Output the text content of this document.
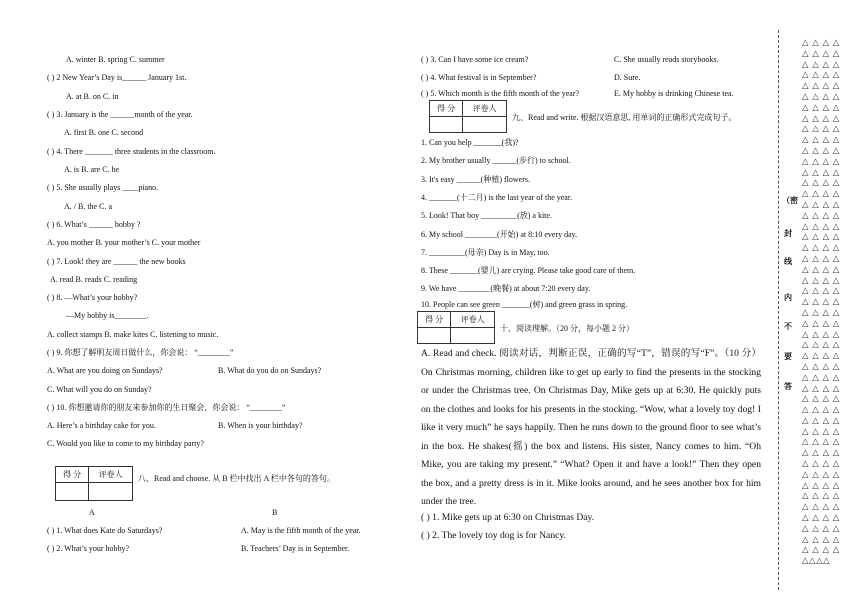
A. winter B. spring C. summer
( ) 2 New Year’s Day is______ January 1st.
A. at B. on C. in
( ) 3. January is the ______month of the year.
A. first B. one C. second
( ) 4. There _______ three students in the classroom.
A. is B. are C. be
( ) 5. She usually plays ____piano.
A. / B. the C. a
( ) 6. What’s ______ hobby ?
A. you mother B. your mother’s C. your mother
( ) 7. Look! they are ______ the new books
A. read B. reads C. reading
( ) 8. —What’s your hobby?
—My hobby is________.
A. collect stamps B. make kites C. listening to music.
( ) 9. 你想了解明友周日做什么，你会说： “________”
A. What are you doing on Sundays?	B. What do you do on Sundays?
C. What will you do on Sunday?
( ) 10. 你想邀请你的朋友来参加你的生日聚会，你会说： “________”
A. Here’s a birthday cake for you.	B. When is your birthday?
C. Would you like to come to my birthday party?
得 分	评卷人
	八、Read and choose. 从 B 栏中找出 A 栏中各句的答句。
A	B
( ) 1. What does Kate do Saturdays?	A. May is the fifth month of the year.
( ) 2. What’s your hobby?	B. Teachers’ Day is in September.
( ) 3. Can I have some ice cream?	C. She usually reads storybooks.
( ) 4. What festival is in September?	D. Sure.
( ) 5. Which month is the fifth month of the year?	E. My hobby is drinking Chinese tea.
得 分	评卷人

九、Read and write. 根据汉语意思, 用单词的正确形式完成句子。
1. Can you help _______(我)?
2. My brother usually ______(步行) to school.
3. It's easy ______(种植) flowers.
4. _______(十二月) is the last year of the year.
5. Look! That boy _________(放) a kite.
6. My school ________(开始) at 8:10 every day.
7. _________(母亲) Day is in May, too.
8. These _______(婴儿) are crying. Please take good care of them.
9. We have ________(晚餐) at about 7:20 every day.
10. People can see green _______(树) and green grass in spring.
得 分	评卷人

十、阅读理解。（20 分，每小题 2 分）
A. Read and check. 阅读对话，判断正误，正确的写“T”，错误的写“F”。（10 分）On Christmas morning, children like to get up early to find the presents in the stocking or under the Christmas tree. On Christmas Day, Mike gets up at 6:30. He quickly puts on the clothes and looks for his presents in the stocking. “Wow, what a lovely toy dog! I like it very much” he says happily. Then he runs down to the ground floor to see what’s in the box. He shakes(摇) the box and listens. His sister, Nancy comes to him. “Oh Mike, you are taking my present.” “What? Open it and have a look!” Then they open the box, and a pretty dress is in it. Mike looks around, and he sees another box for him under the tree.
( ) 1. Mike gets up at 6:30 on Christmas Day.
( ) 2. The lovely toy dog is for Nancy.
（密
封
线
内
不
要
答
△ △ △ △
△ △ △ △
△ △ △ △
△ △ △ △
△ △ △ △
△ △ △ △
△ △ △ △
△ △ △ △
△ △ △ △
△ △ △ △
△ △ △ △
△ △ △ △
△ △ △ △
△ △ △ △
△ △ △ △
△ △ △ △
△ △ △ △
△ △ △ △
△ △ △ △
△ △ △ △
△ △ △ △
△ △ △ △
△ △ △ △
△ △ △ △
△ △ △ △
△ △ △ △
△ △ △ △
△ △ △ △
△ △ △ △
△ △ △ △
△ △ △ △
△ △ △ △
△ △ △ △
△ △ △ △
△ △ △ △
△ △ △ △
△ △ △ △
△ △ △ △
△ △ △ △
△ △ △ △
△ △ △ △
△ △ △ △
△ △ △ △
△ △ △ △
△ △ △ △
△ △ △ △
△ △ △ △
△ △ △ △
△△△△
